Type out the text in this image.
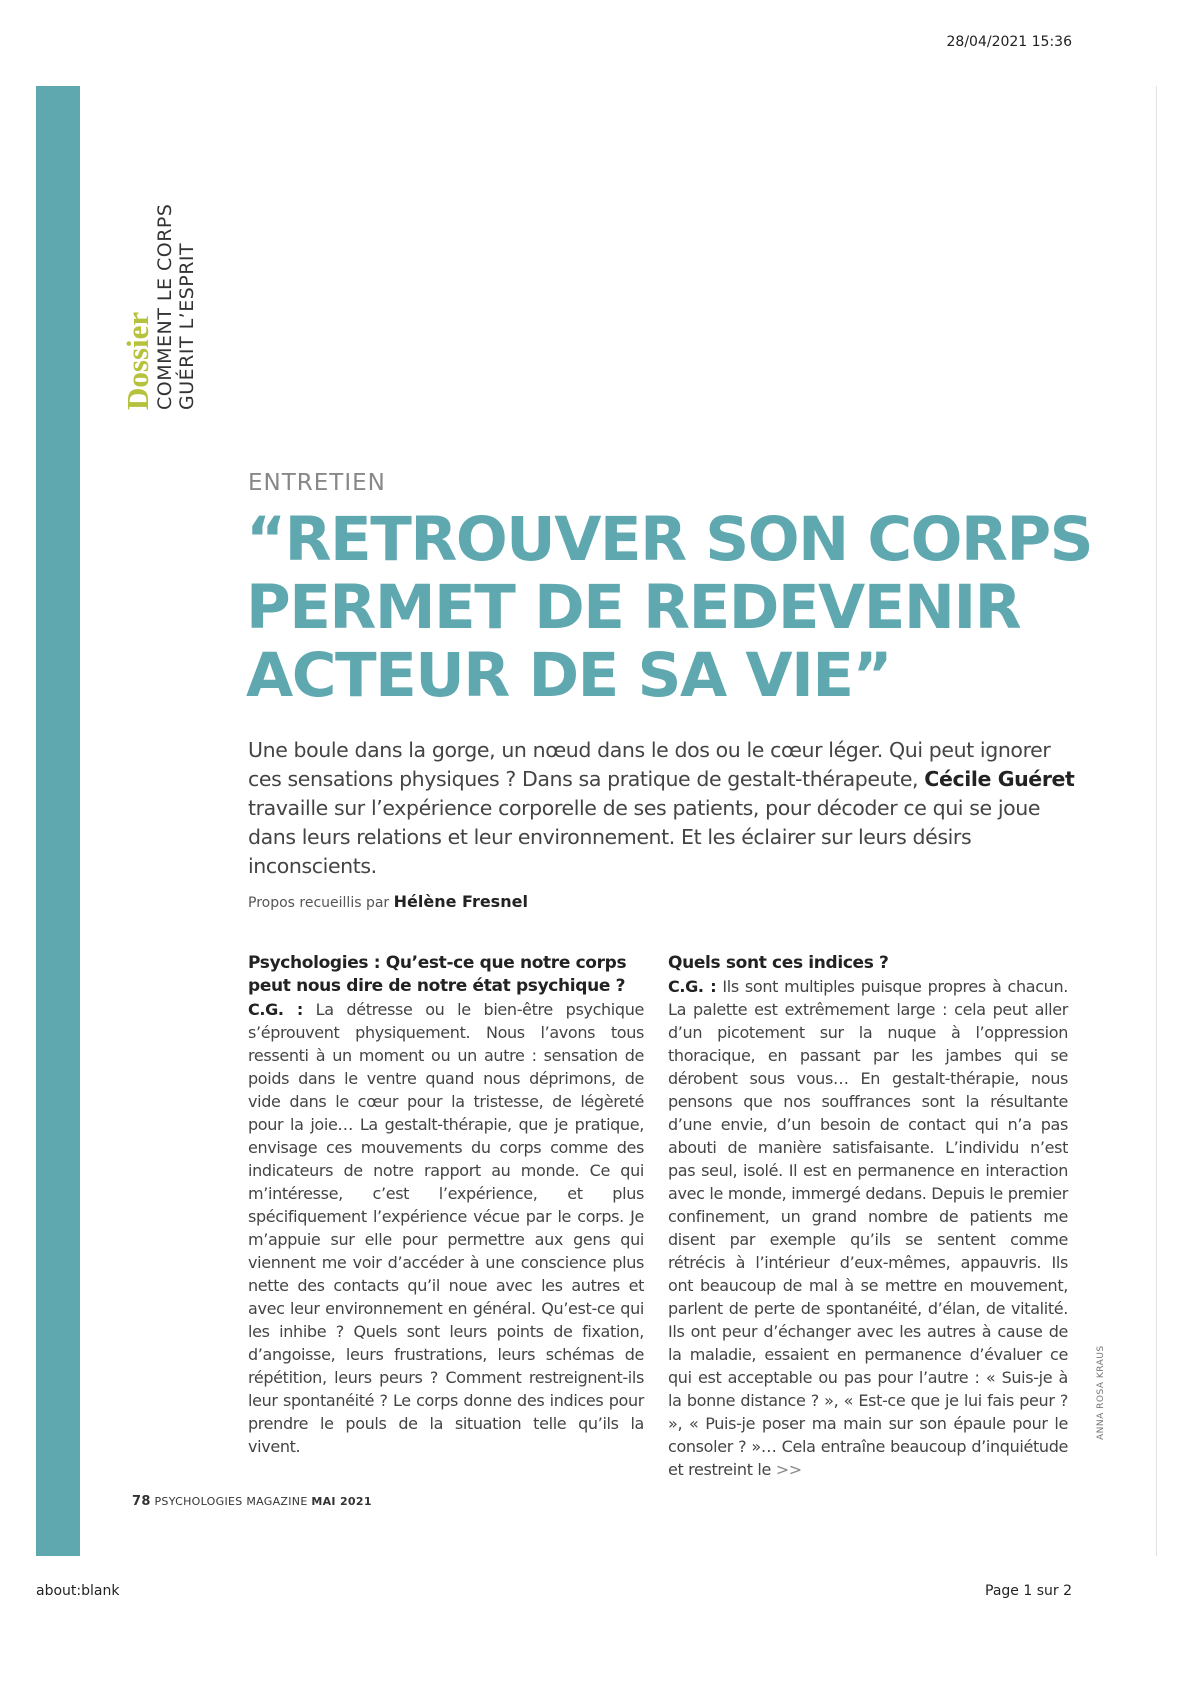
28/04/2021 15:36
Dossier COMMENT LE CORPS
GUÉRIT L’ESPRIT
ENTRETIEN
“RETROUVER SON CORPS
PERMET DE REDEVENIR
ACTEUR DE SA VIE”

Une boule dans la gorge, un nœud dans le dos ou le cœur léger. Qui peut ignorer ces sensations physiques ? Dans sa pratique de gestalt-thérapeute, Cécile Guéret travaille sur l’expérience corporelle de ses patients, pour décoder ce qui se joue dans leurs relations et leur environnement. Et les éclairer sur leurs désirs inconscients.

Propos recueillis par Hélène Fresnel
Psychologies : Qu’est-ce que notre corps peut nous dire de notre état psychique ?
C.G. : La détresse ou le bien-être psychique s’éprouvent physiquement. Nous l’avons tous ressenti à un moment ou un autre : sensation de poids dans le ventre quand nous déprimons, de vide dans le cœur pour la tristesse, de légèreté pour la joie… La gestalt-thérapie, que je pratique, envisage ces mouvements du corps comme des indicateurs de notre rapport au monde. Ce qui m’intéresse, c’est l’expérience, et plus spécifiquement l’expérience vécue par le corps. Je m’appuie sur elle pour permettre aux gens qui viennent me voir d’accéder à une conscience plus nette des contacts qu’il noue avec les autres et avec leur environnement en général. Qu’est-ce qui les inhibe ? Quels sont leurs points de fixation, d’angoisse, leurs frustrations, leurs schémas de répétition, leurs peurs ? Comment restreignent-ils leur spontanéité ? Le corps donne des indices pour prendre le pouls de la situation telle qu’ils la vivent.
Quels sont ces indices ?
C.G. : Ils sont multiples puisque propres à chacun. La palette est extrêmement large : cela peut aller d’un picotement sur la nuque à l’oppression thoracique, en passant par les jambes qui se dérobent sous vous… En gestalt-thérapie, nous pensons que nos souffrances sont la résultante d’une envie, d’un besoin de contact qui n’a pas abouti de manière satisfaisante. L’individu n’est pas seul, isolé. Il est en permanence en interaction avec le monde, immergé dedans. Depuis le premier confinement, un grand nombre de patients me disent par exemple qu’ils se sentent comme rétrécis à l’intérieur d’eux-mêmes, appauvris. Ils ont beaucoup de mal à se mettre en mouvement, parlent de perte de spontanéité, d’élan, de vitalité. Ils ont peur d’échanger avec les autres à cause de la maladie, essaient en permanence d’évaluer ce qui est acceptable ou pas pour l’autre : « Suis-je à la bonne distance ? », « Est-ce que je lui fais peur ? », « Puis-je poser ma main sur son épaule pour le consoler ? »… Cela entraîne beaucoup d’inquiétude et restreint le >>
ANNA ROSA KRAUS
78 PSYCHOLOGIES MAGAZINE MAI 2021
about:blank	Page 1 sur 2
